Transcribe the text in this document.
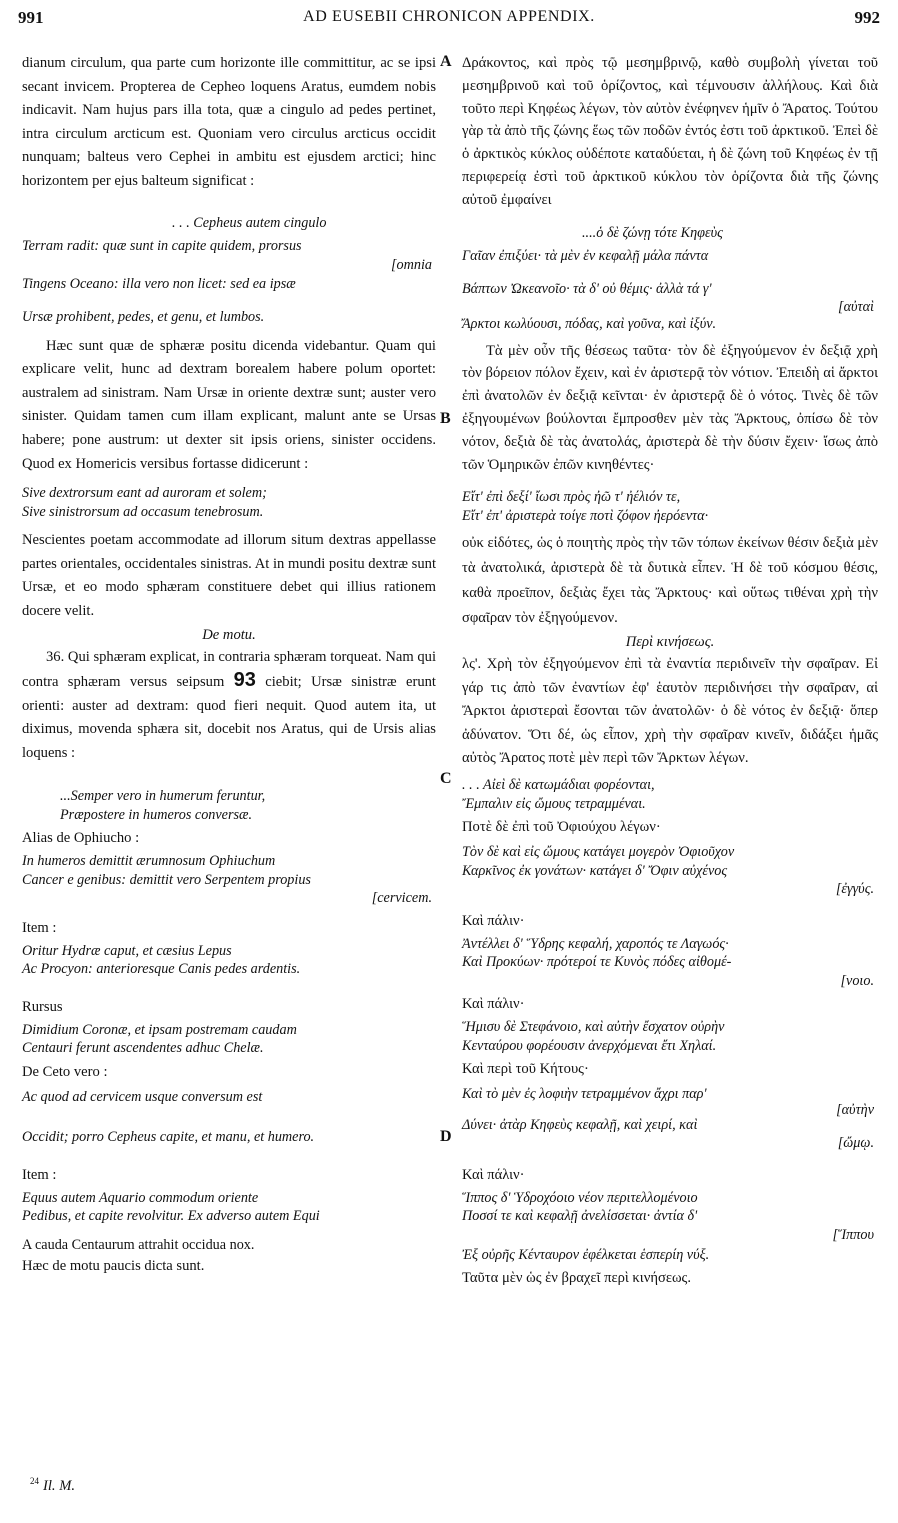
991	AD EUSEBII CHRONICON APPENDIX.	992
A
B
C
D

dianum circulum, qua parte cum horizonte ille committitur, ac se ipsi secant invicem. Propterea de Cepheo loquens Aratus, eumdem nobis indicavit. Nam hujus pars illa tota, quæ a cingulo ad pedes pertinet, intra circulum arcticum est. Quoniam vero circulus arcticus occidit nunquam; balteus vero Cephei in ambitu est ejusdem arctici; hinc horizontem per ejus balteum significat :

. . . Cepheus autem cingulo

Terram radit: quæ sunt in capite quidem, prorsus

[omnia

Tingens Oceano: illa vero non licet: sed ea ipsæ

Ursæ prohibent, pedes, et genu, et lumbos.

Hæc sunt quæ de sphæræ positu dicenda videbantur. Quam qui explicare velit, hunc ad dextram borealem habere polum oportet: australem ad sinistram. Nam Ursæ in oriente dextræ sunt; auster vero sinister. Quidam tamen cum illam explicant, malunt ante se Ursas habere; pone austrum: ut dexter sit ipsis oriens, sinister occidens. Quod ex Homericis versibus fortasse didicerunt :

Sive dextrorsum eant ad auroram et solem;

Sive sinistrorsum ad occasum tenebrosum.

Nescientes poetam accommodate ad illorum situm dextras appellasse partes orientales, occidentales sinistras. At in mundi positu dextræ sunt Ursæ, et eo modo sphæram constituere debet qui illius rationem docere velit.

De motu.

36. Qui sphæram explicat, in contraria sphæram torqueat. Nam qui contra sphæram versus seipsum 93 ciebit; Ursæ sinistræ erunt orienti: auster ad dextram: quod fieri nequit. Quod autem ita, ut diximus, movenda sphæra sit, docebit nos Aratus, qui de Ursis alias loquens :

...Semper vero in humerum feruntur,

Præpostere in humeros conversæ.

Alias de Ophiucho :

In humeros demittit ærumnosum Ophiuchum

Cancer e genibus: demittit vero Serpentem propius

[cervicem.

Item :

Oritur Hydræ caput, et cæsius Lepus

Ac Procyon: anterioresque Canis pedes ardentis.

Rursus

Dimidium Coronæ, et ipsam postremam caudam

Centauri ferunt ascendentes adhuc Chelæ.

De Ceto vero :

Ac quod ad cervicem usque conversum est

Occidit; porro Cepheus capite, et manu, et humero.

Item :

Equus autem Aquario commodum oriente

Pedibus, et capite revolvitur. Ex adverso autem Equi

A cauda Centaurum attrahit occidua nox.

Hæc de motu paucis dicta sunt.

Δράκοντος, καὶ πρὸς τῷ μεσημβρινῷ, καθὸ συμβολὴ γίνεται τοῦ μεσημβρινοῦ καὶ τοῦ ὁρίζοντος, καὶ τέμνουσιν ἀλλήλους. Καὶ διὰ τοῦτο περὶ Κηφέως λέγων, τὸν αὐτὸν ἐνέφηνεν ἡμῖν ὁ Ἄρατος. Τούτου γὰρ τὰ ἀπὸ τῆς ζώνης ἕως τῶν ποδῶν ἐντός ἐστι τοῦ ἀρκτικοῦ. Ἐπεὶ δὲ ὁ ἀρκτικὸς κύκλος οὐδέποτε καταδύεται, ἡ δὲ ζώνη τοῦ Κηφέως ἐν τῇ περιφερείᾳ ἐστὶ τοῦ ἀρκτικοῦ κύκλου τὸν ὁρίζοντα διὰ τῆς ζώνης αὐτοῦ ἐμφαίνει

....ὁ δὲ ζώνῃ τότε Κηφεὺς

Γαῖαν ἐπιξύει· τὰ μὲν ἐν κεφαλῇ μάλα πάντα

Βάπτων Ὠκεανοῖο· τὰ δ' οὐ θέμις· ἀλλὰ τά γ'

[αὐταὶ

Ἄρκτοι κωλύουσι, πόδας, καὶ γοῦνα, καὶ ἰξύν.

Τὰ μὲν οὖν τῆς θέσεως ταῦτα· τὸν δὲ ἐξηγούμενον ἐν δεξιᾷ χρὴ τὸν βόρειον πόλον ἔχειν, καὶ ἐν ἀριστερᾷ τὸν νότιον. Ἐπειδὴ αἱ ἄρκτοι ἐπὶ ἀνατολῶν ἐν δεξιᾷ κεῖνται· ἐν ἀριστερᾷ δὲ ὁ νότος. Τινὲς δὲ τῶν ἐξηγουμένων βούλονται ἔμπροσθεν μὲν τὰς Ἄρκτους, ὀπίσω δὲ τὸν νότον, δεξιὰ δὲ τὰς ἀνατολάς, ἀριστερὰ δὲ τὴν δύσιν ἔχειν· ἴσως ἀπὸ τῶν Ὁμηρικῶν ἐπῶν κινηθέντες·

Εἴτ' ἐπὶ δεξί' ἴωσι πρὸς ἠῶ τ' ἠέλιόν τε,

Εἴτ' ἐπ' ἀριστερὰ τοίγε ποτὶ ζόφον ἠερόεντα·

οὐκ εἰδότες, ὡς ὁ ποιητὴς πρὸς τὴν τῶν τόπων ἐκείνων θέσιν δεξιὰ μὲν τὰ ἀνατολικά, ἀριστερὰ δὲ τὰ δυτικὰ εἶπεν. Ἡ δὲ τοῦ κόσμου θέσις, καθὰ προεῖπον, δεξιὰς ἔχει τὰς Ἄρκτους· καὶ οὕτως τιθέναι χρὴ τὴν σφαῖραν τὸν ἐξηγούμενον.

Περὶ κινήσεως.

λς'. Χρὴ τὸν ἐξηγούμενον ἐπὶ τὰ ἐναντία περιδινεῖν τὴν σφαῖραν. Εἰ γάρ τις ἀπὸ τῶν ἐναντίων ἐφ' ἑαυτὸν περιδινήσει τὴν σφαῖραν, αἱ Ἄρκτοι ἀριστεραὶ ἔσονται τῶν ἀνατολῶν· ὁ δὲ νότος ἐν δεξιᾷ· ὅπερ ἀδύνατον. Ὅτι δέ, ὡς εἶπον, χρὴ τὴν σφαῖραν κινεῖν, διδάξει ἡμᾶς αὐτὸς Ἄρατος ποτὲ μὲν περὶ τῶν Ἄρκτων λέγων.

. . . Αἰεὶ δὲ κατωμάδιαι φορέονται,

Ἔμπαλιν εἰς ὤμους τετραμμέναι.

Ποτὲ δὲ ἐπὶ τοῦ Ὀφιούχου λέγων·

Τὸν δὲ καὶ εἰς ὤμους κατάγει μογερὸν Ὀφιοῦχον

Καρκῖνος ἐκ γονάτων· κατάγει δ' Ὄφιν αὐχένος

[ἐγγύς.

Καὶ πάλιν·

Ἀντέλλει δ' Ὕδρης κεφαλή, χαροπός τε Λαγωός·

Καὶ Προκύων· πρότεροί τε Κυνὸς πόδες αἰθομέ-

[νοιο.

Καὶ πάλιν·

Ἥμισυ δὲ Στεφάνοιο, καὶ αὐτὴν ἔσχατον οὐρὴν

Κενταύρου φορέουσιν ἀνερχόμεναι ἔτι Χηλαί.

Καὶ περὶ τοῦ Κήτους·

Καὶ τὸ μὲν ἐς λοφιὴν τετραμμένον ἄχρι παρ'

[αὐτὴν

Δύνει· ἀτὰρ Κηφεὺς κεφαλῇ, καὶ χειρί, καὶ

[ὤμῳ.

Καὶ πάλιν·

Ἵππος δ' Ὑδροχόοιο νέον περιτελλομένοιο

Ποσσί τε καὶ κεφαλῇ ἀνελίσσεται· ἀντία δ'

[Ἵππου

Ἐξ οὐρῆς Κένταυρον ἐφέλκεται ἑσπερίη νύξ.

Ταῦτα μὲν ὡς ἐν βραχεῖ περὶ κινήσεως.

$^{24}$ Il. M.
